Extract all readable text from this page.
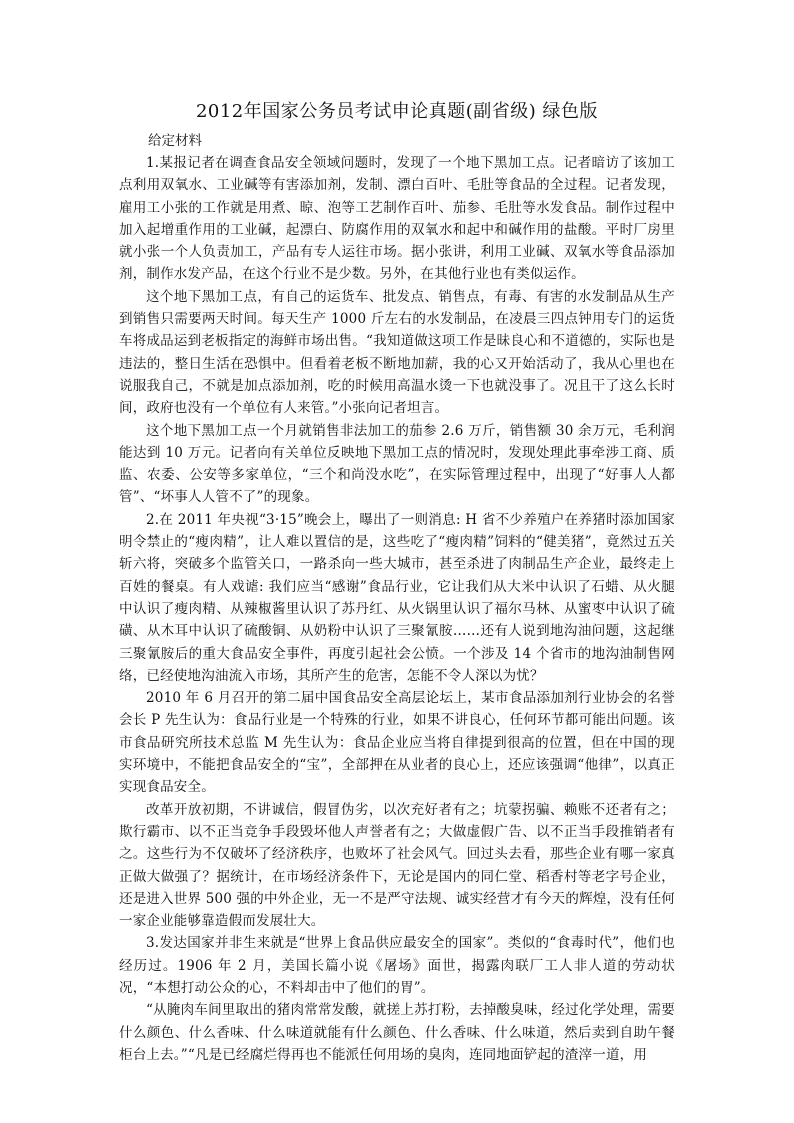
2012年国家公务员考试申论真题(副省级) 绿色版

给定材料

1.某报记者在调查食品安全领域问题时，发现了一个地下黑加工点。记者暗访了该加工点利用双氧水、工业碱等有害添加剂，发制、漂白百叶、毛肚等食品的全过程。记者发现，雇用工小张的工作就是用煮、晾、泡等工艺制作百叶、茄参、毛肚等水发食品。制作过程中加入起增重作用的工业碱，起漂白、防腐作用的双氧水和起中和碱作用的盐酸。平时厂房里就小张一个人负责加工，产品有专人运往市场。据小张讲，利用工业碱、双氧水等食品添加剂，制作水发产品，在这个行业不是少数。另外，在其他行业也有类似运作。

这个地下黑加工点，有自己的运货车、批发点、销售点，有毒、有害的水发制品从生产到销售只需要两天时间。每天生产 1000 斤左右的水发制品，在凌晨三四点钟用专门的运货车将成品运到老板指定的海鲜市场出售。“我知道做这项工作是昧良心和不道德的，实际也是违法的，整日生活在恐惧中。但看着老板不断地加薪，我的心又开始活动了，我从心里也在说服我自己，不就是加点添加剂，吃的时候用高温水烫一下也就没事了。况且干了这么长时间，政府也没有一个单位有人来管。”小张向记者坦言。

这个地下黑加工点一个月就销售非法加工的茄参 2.6 万斤，销售额 30 余万元，毛利润能达到 10 万元。记者向有关单位反映地下黑加工点的情况时，发现处理此事牵涉工商、质监、农委、公安等多家单位，“三个和尚没水吃”，在实际管理过程中，出现了“好事人人都管”、“坏事人人管不了”的现象。

2.在 2011 年央视“3·15”晚会上，曝出了一则消息: H 省不少养殖户在养猪时添加国家明令禁止的“瘦肉精”，让人难以置信的是，这些吃了“瘦肉精”饲料的“健美猪”，竟然过五关斩六将，突破多个监管关口，一路杀向一些大城市，甚至杀进了肉制品生产企业，最终走上百姓的餐桌。有人戏谑: 我们应当“感谢”食品行业，它让我们从大米中认识了石蜡、从火腿中认识了瘦肉精、从辣椒酱里认识了苏丹红、从火锅里认识了福尔马林、从蜜枣中认识了硫磺、从木耳中认识了硫酸铜、从奶粉中认识了三聚氰胺……还有人说到地沟油问题，这起继三聚氰胺后的重大食品安全事件，再度引起社会公愤。一个涉及 14 个省市的地沟油制售网络，已经使地沟油流入市场，其所产生的危害，怎能不令人深以为忧？

2010 年 6 月召开的第二届中国食品安全高层论坛上，某市食品添加剂行业协会的名誉会长 P 先生认为：食品行业是一个特殊的行业，如果不讲良心，任何环节都可能出问题。该市食品研究所技术总监 M 先生认为：食品企业应当将自律提到很高的位置，但在中国的现实环境中，不能把食品安全的“宝”，全部押在从业者的良心上，还应该强调“他律”，以真正实现食品安全。

改革开放初期，不讲诚信，假冒伪劣，以次充好者有之；坑蒙拐骗、赖账不还者有之；欺行霸市、以不正当竞争手段毁坏他人声誉者有之；大做虚假广告、以不正当手段推销者有之。这些行为不仅破坏了经济秩序，也败坏了社会风气。回过头去看，那些企业有哪一家真正做大做强了？据统计，在市场经济条件下，无论是国内的同仁堂、稻香村等老字号企业，还是进入世界 500 强的中外企业，无一不是严守法规、诚实经营才有今天的辉煌，没有任何一家企业能够靠造假而发展壮大。

3.发达国家并非生来就是“世界上食品供应最安全的国家”。类似的“食毒时代”，他们也经历过。1906 年 2 月，美国长篇小说《屠场》面世，揭露肉联厂工人非人道的劳动状况，“本想打动公众的心，不料却击中了他们的胃”。

“从腌肉车间里取出的猪肉常常发酸，就搓上苏打粉，去掉酸臭味，经过化学处理，需要什么颜色、什么香味、什么味道就能有什么颜色、什么香味、什么味道，然后卖到自助午餐柜台上去。”“凡是已经腐烂得再也不能派任何用场的臭肉，连同地面铲起的渣滓一道，用
